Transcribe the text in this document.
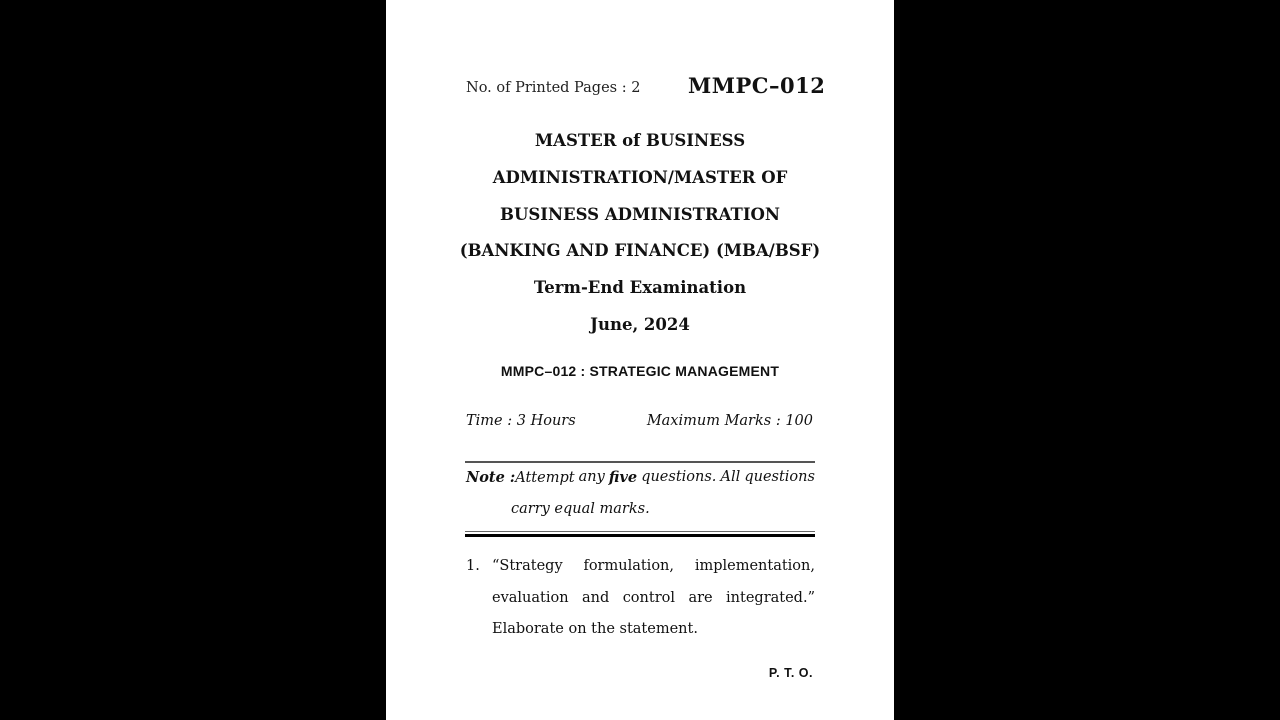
No. of Printed Pages : 2 MMPC–012
MASTER of BUSINESS
ADMINISTRATION/MASTER OF
BUSINESS ADMINISTRATION
(BANKING AND FINANCE) (MBA/BSF)
Term-End Examination
June, 2024
MMPC–012 : STRATEGIC MANAGEMENT
Time : 3 Hours	Maximum Marks : 100
Note :Attempt any five questions. All questions
carry equal marks.
1. “Strategy formulation, implementation,
evaluation and control are integrated.”
Elaborate on the statement.
P. T. O.
